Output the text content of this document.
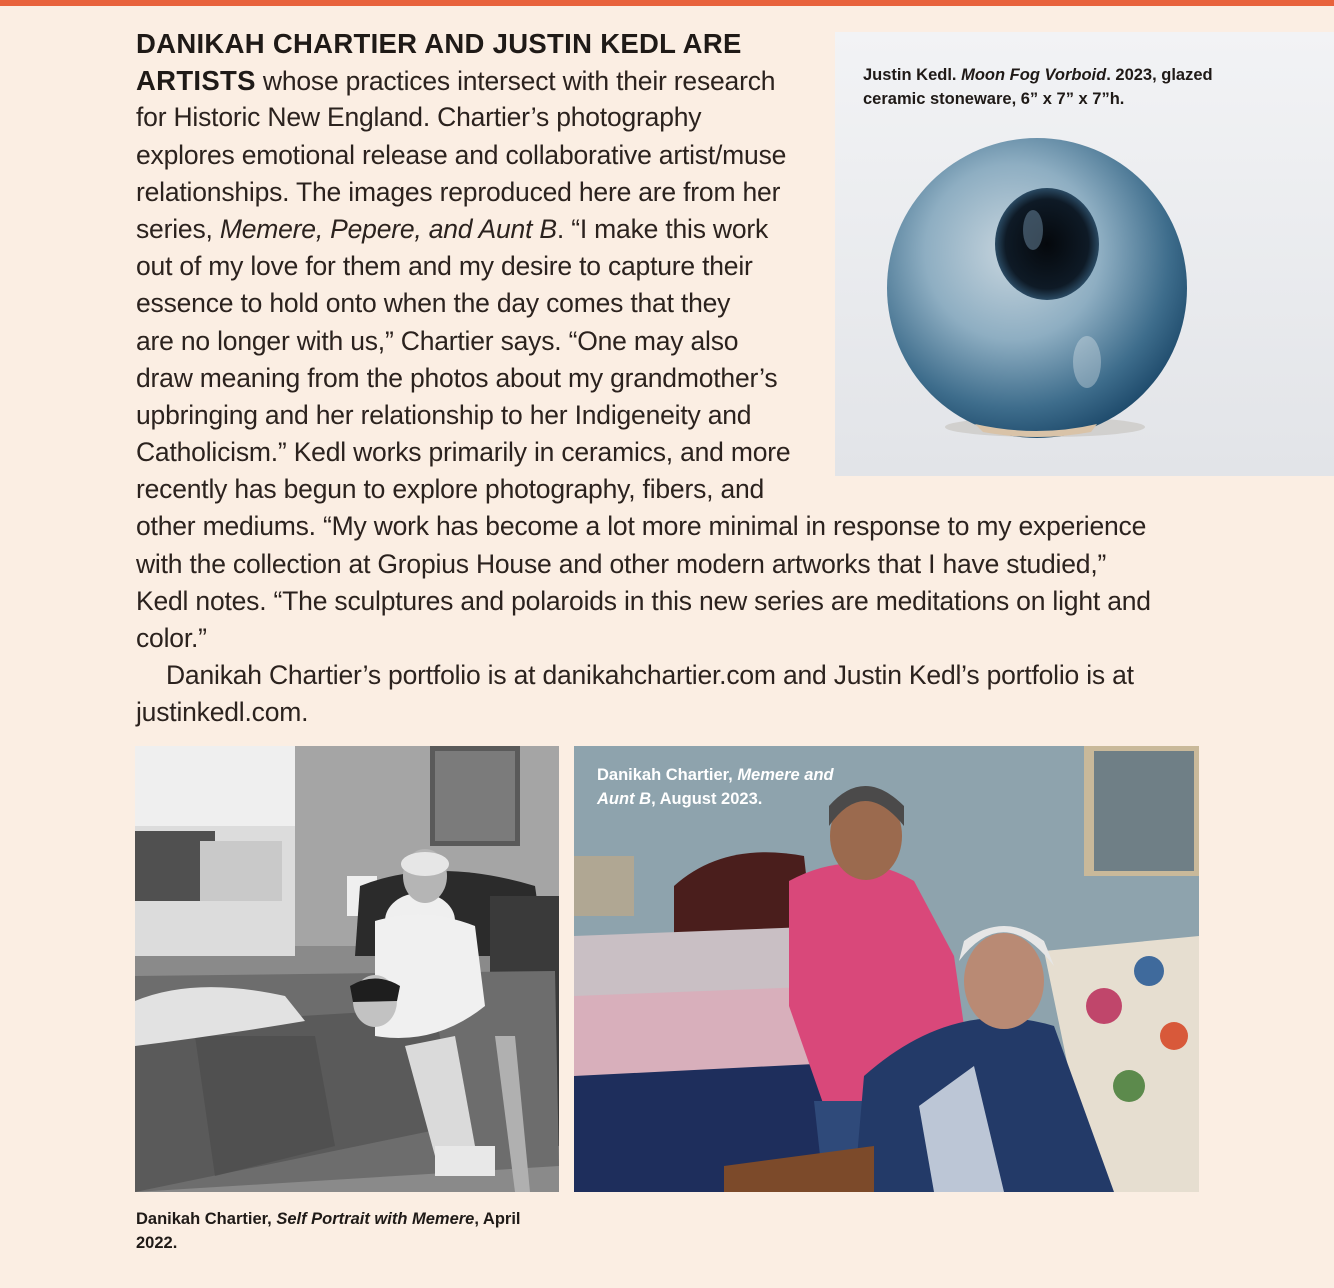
DANIKAH CHARTIER AND JUSTIN KEDL ARE
ARTISTS whose practices intersect with their research
for Historic New England. Chartier’s photography
explores emotional release and collaborative artist/muse
relationships. The images reproduced here are from her
series, Memere, Pepere, and Aunt B. “I make this work
out of my love for them and my desire to capture their
essence to hold onto when the day comes that they
are no longer with us,” Chartier says. “One may also
draw meaning from the photos about my grandmother’s
upbringing and her relationship to her Indigeneity and
Catholicism.” Kedl works primarily in ceramics, and more
recently has begun to explore photography, fibers, and
other mediums. “My work has become a lot more minimal in response to my experience
with the collection at Gropius House and other modern artworks that I have studied,”
Kedl notes. “The sculptures and polaroids in this new series are meditations on light and
color.”
Danikah Chartier’s portfolio is at danikahchartier.com and Justin Kedl’s portfolio is at
justinkedl.com.
Justin Kedl. Moon Fog Vorboid. 2023, glazed ceramic stoneware, 6” x 7” x 7”h.
Danikah Chartier, Self Portrait with Memere, April 2022.
Danikah Chartier, Memere and Aunt B, August 2023.
